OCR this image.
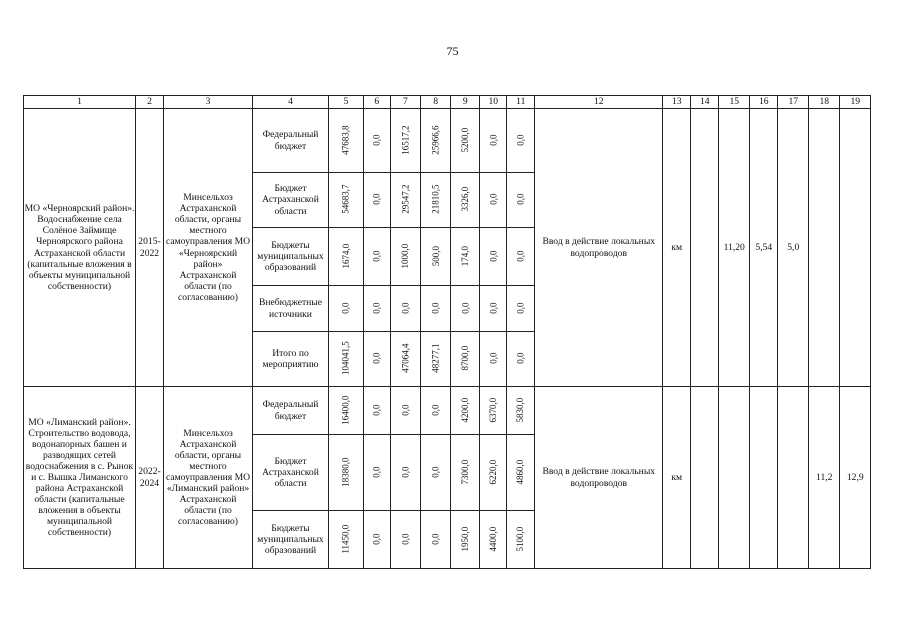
75
1	2	3	4	5	6	7	8	9	10	11	12	13	14	15	16	17	18	19
МО «Черноярский район». Водоснабжение села Солёное Займище Черноярского района Астраханской области (капитальные вложения в объекты муниципальной собственности)	2015-2022	Минсельхоз Астраханской области, органы местного самоуправления МО «Черноярский район» Астраханской области (по согласованию)	Федеральный бюджет	47683,8	0,0	16517,2	25966,6	5200,0	0,0	0,0	Ввод в действие локальных водопроводов	км		11,20	5,54	5,0		
			Бюджет Астраханской области	54683,7	0,0	29547,2	21810,5	3326,0	0,0	0,0								
			Бюджеты муниципальных образований	1674,0	0,0	1000,0	500,0	174,0	0,0	0,0								
			Внебюджетные источники	0,0	0,0	0,0	0,0	0,0	0,0	0,0								
			Итого по мероприятию	104041,5	0,0	47064,4	48277,1	8700,0	0,0	0,0								
МО «Лиманский район». Строительство водовода, водонапорных башен и разводящих сетей водоснабжения в с. Рынок и с. Вышка Лиманского района Астраханской области (капитальные вложения в объекты муниципальной собственности)	2022-2024	Минсельхоз Астраханской области, органы местного самоуправления МО «Лиманский район» Астраханской области (по согласованию)	Федеральный бюджет	16400,0	0,0	0,0	0,0	4200,0	6370,0	5830,0	Ввод в действие локальных водопроводов	км					11,2	12,9
			Бюджет Астраханской области	18380,0	0,0	0,0	0,0	7300,0	6220,0	4860,0								
			Бюджеты муниципальных образований	11450,0	0,0	0,0	0,0	1950,0	4400,0	5100,0								
